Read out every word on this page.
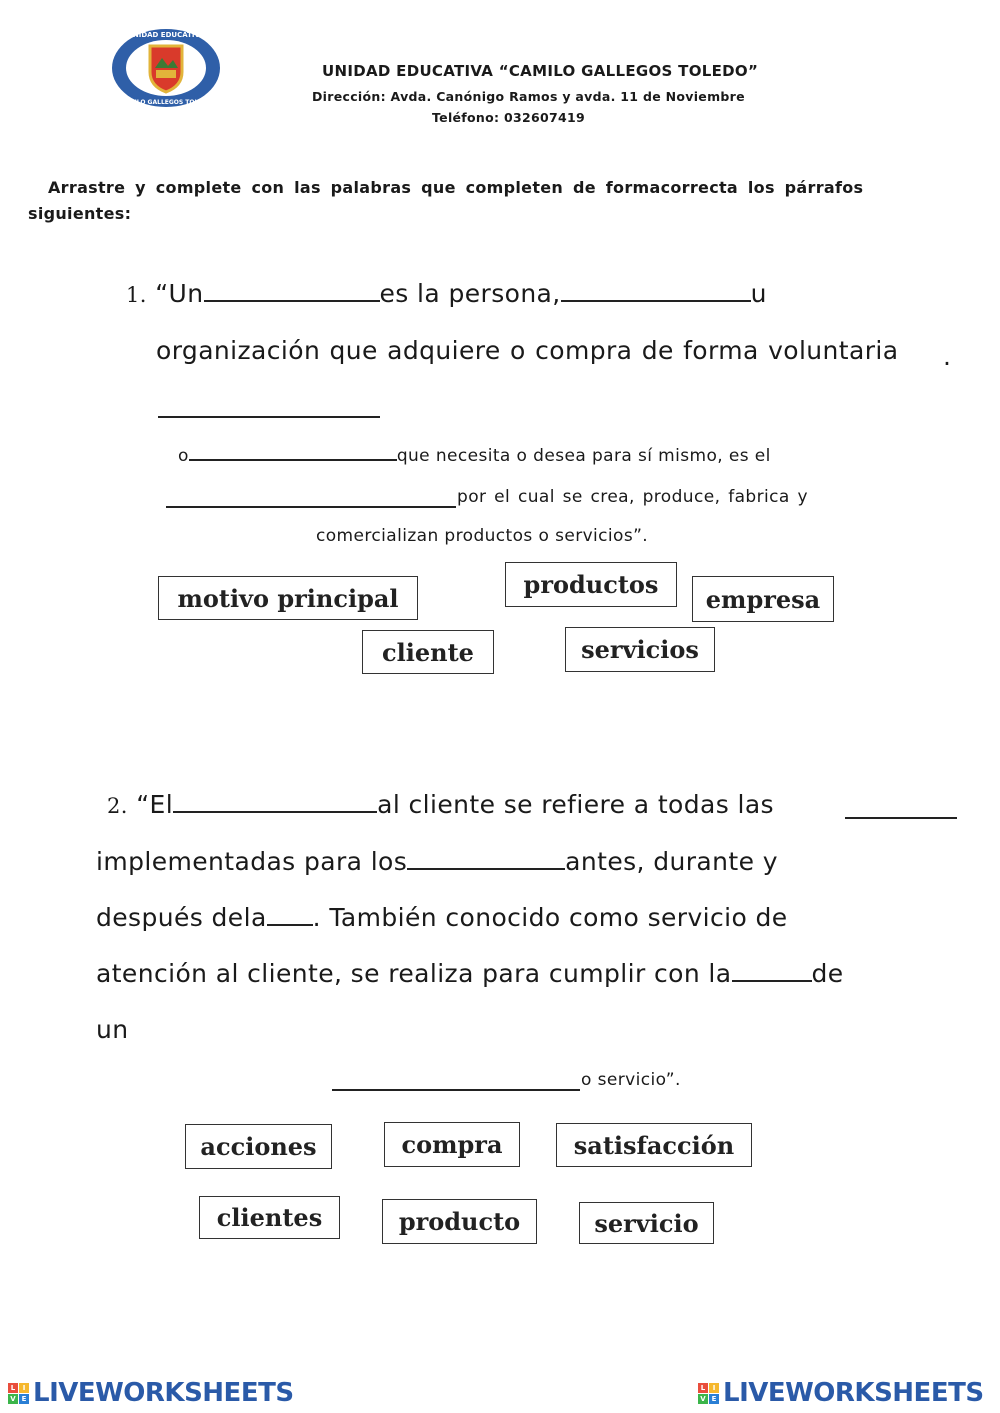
UNIDAD EDUCATIVA
CAMILO GALLEGOS TOLEDO
UNIDAD EDUCATIVA “CAMILO GALLEGOS TOLEDO”
Dirección: Avda. Canónigo Ramos y avda. 11 de Noviembre
Teléfono: 032607419
Arrastre y complete con las palabras que completen de formacorrecta los párrafos
siguientes:
1. “Un	es la persona,	u
organización que adquiere o compra de forma voluntaria .
o	que necesita o desea para sí mismo, es el
por el cual se crea, produce, fabrica y
comercializan productos o servicios”.
motivo principal	productos	empresa
cliente	servicios
2. “El	al cliente se refiere a todas las
implementadas para los	antes, durante y
después dela . También conocido como servicio de
atención al cliente, se realiza para cumplir con la	de
un
o servicio”.
acciones	compra	satisfacción
clientes	producto	servicio
L	I
V E LIVEWORKSHEETS	L	I
V E LIVEWORKSHEETS
